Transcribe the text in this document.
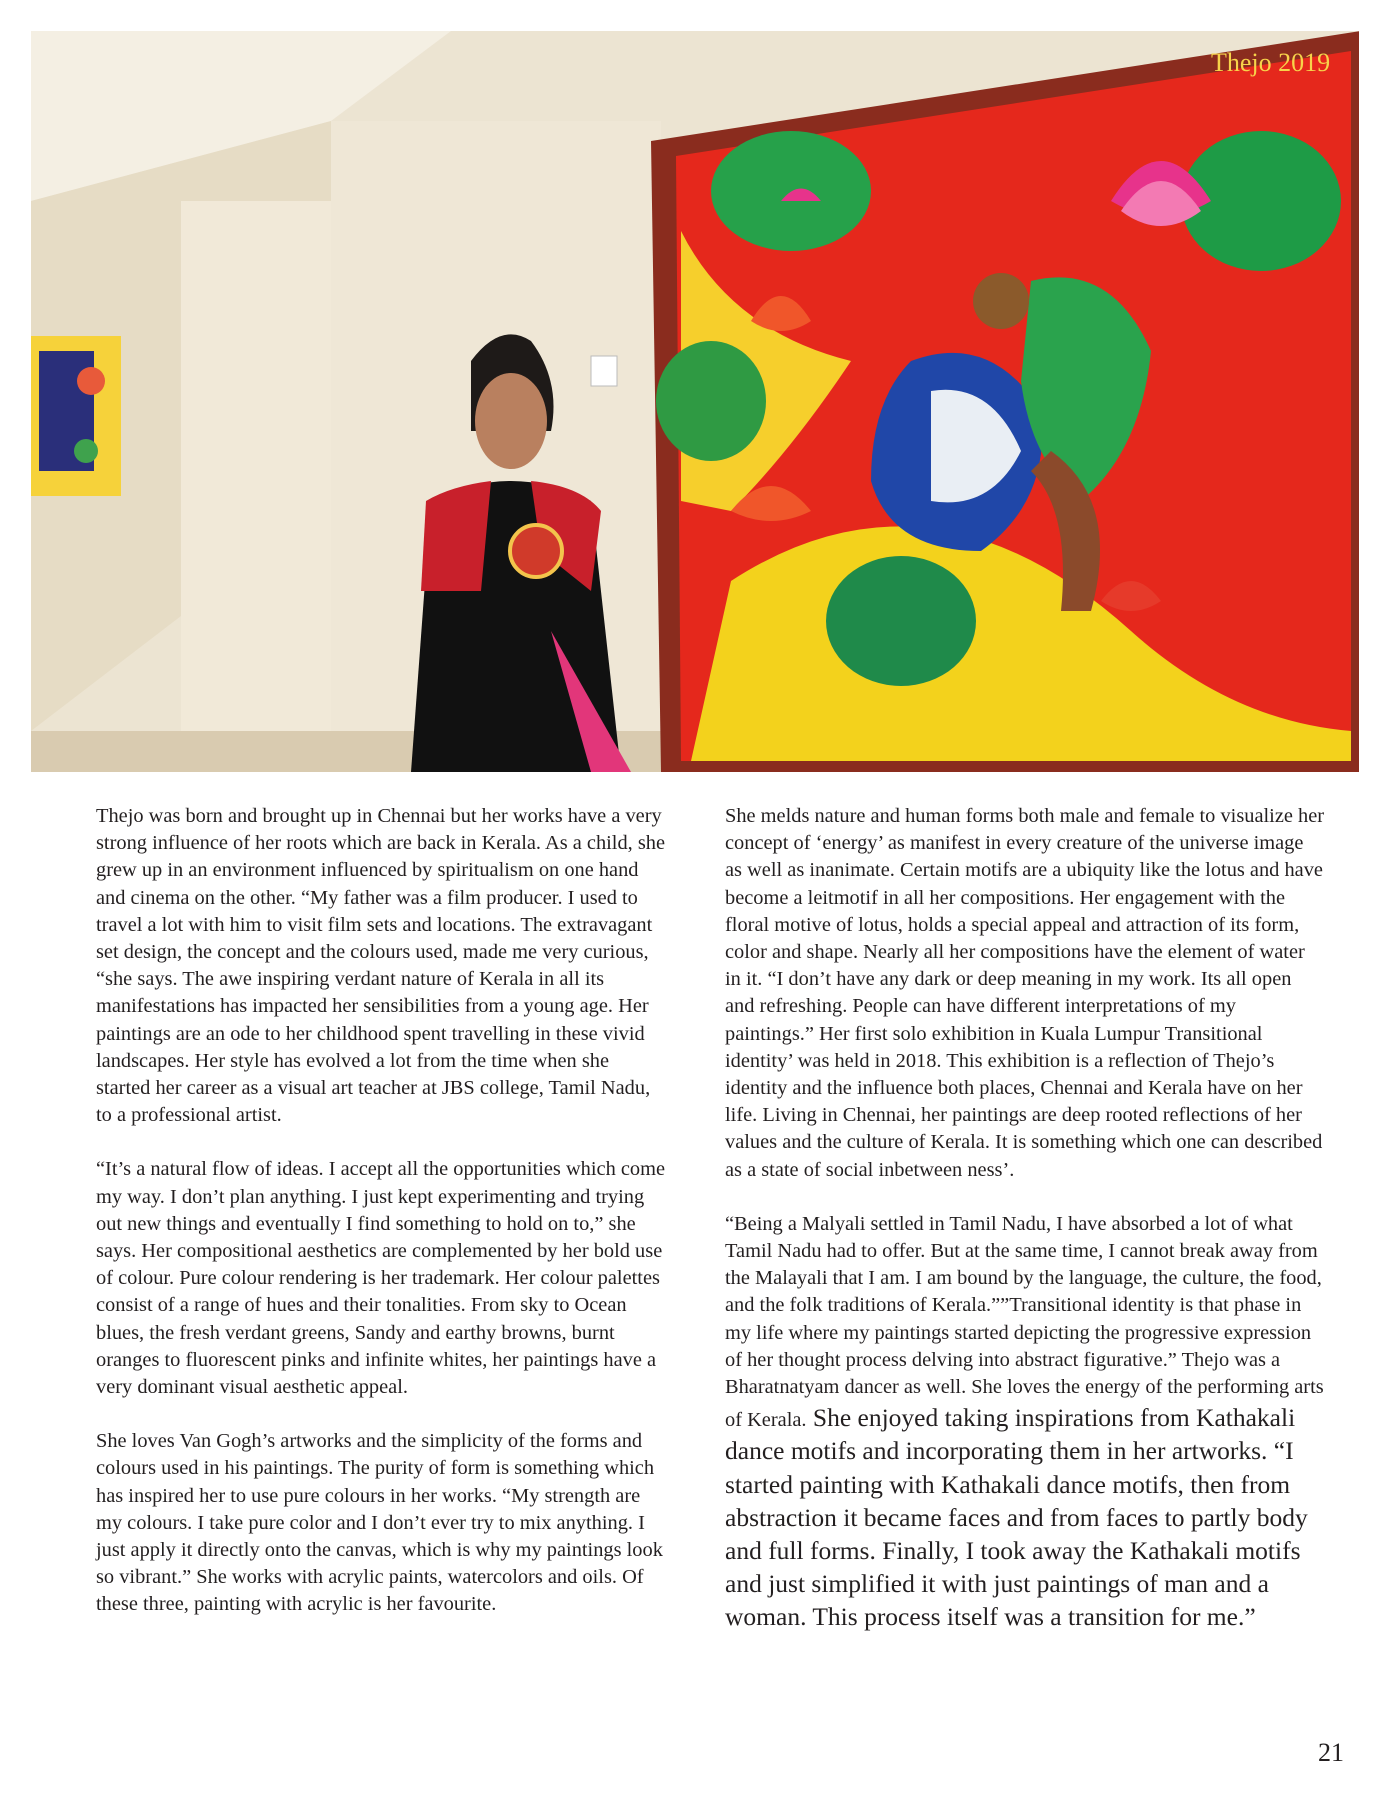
Thejo 2019

Thejo was born and brought up in Chennai but her works have a very strong influence of her roots which are back in Kerala. As a child, she grew up in an environment influenced by spiritualism on one hand and cinema on the other. “My father was a film producer. I used to travel a lot with him to visit film sets and locations. The extravagant set design, the concept and the colours used, made me very curious, “she says. The awe inspiring verdant nature of Kerala in all its manifestations has impacted her sensibilities from a young age. Her paintings are an ode to her childhood spent travelling in these vivid landscapes. Her style has evolved a lot from the time when she started her career as a visual art teacher at JBS college, Tamil Nadu, to a professional artist.

“It’s a natural flow of ideas. I accept all the opportunities which come my way. I don’t plan anything. I just kept experimenting and trying out new things and eventually I find something to hold on to,” she says. Her compositional aesthetics are complemented by her bold use of colour. Pure colour rendering is her trademark. Her colour palettes consist of a range of hues and their tonalities. From sky to Ocean blues, the fresh verdant greens, Sandy and earthy browns, burnt oranges to fluorescent pinks and infinite whites, her paintings have a very dominant visual aesthetic appeal.

She loves Van Gogh’s artworks and the simplicity of the forms and colours used in his paintings. The purity of form is something which has inspired her to use pure colours in her works. “My strength are my colours. I take pure color and I don’t ever try to mix anything. I just apply it directly onto the canvas, which is why my paintings look so vibrant.” She works with acrylic paints, watercolors and oils. Of these three, painting with acrylic is her favourite.

She melds nature and human forms both male and female to visualize her concept of ‘energy’ as manifest in every creature of the universe image as well as inanimate. Certain motifs are a ubiquity like the lotus and have become a leitmotif in all her compositions. Her engagement with the floral motive of lotus, holds a special appeal and attraction of its form, color and shape. Nearly all her compositions have the element of water in it. “I don’t have any dark or deep meaning in my work. Its all open and refreshing. People can have different interpretations of my paintings.” Her first solo exhibition in Kuala Lumpur Transitional identity’ was held in 2018. This exhibition is a reflection of Thejo’s identity and the influence both places, Chennai and Kerala have on her life. Living in Chennai, her paintings are deep rooted reflections of her values and the culture of Kerala. It is something which one can described as a state of social inbetween ness’.

“Being a Malyali settled in Tamil Nadu, I have absorbed a lot of what Tamil Nadu had to offer. But at the same time, I cannot break away from the Malayali that I am. I am bound by the language, the culture, the food, and the folk traditions of Kerala.””Transitional identity is that phase in my life where my paintings started depicting the progressive expression of her thought process delving into abstract figurative.” Thejo was a Bharatnatyam dancer as well. She loves the energy of the performing arts of Kerala. She enjoyed taking inspirations from Kathakali dance motifs and incorporating them in her artworks. “I started painting with Kathakali dance motifs, then from abstraction it became faces and from faces to partly body and full forms. Finally, I took away the Kathakali motifs and just simplified it with just paintings of man and a woman. This process itself was a transition for me.”

21
